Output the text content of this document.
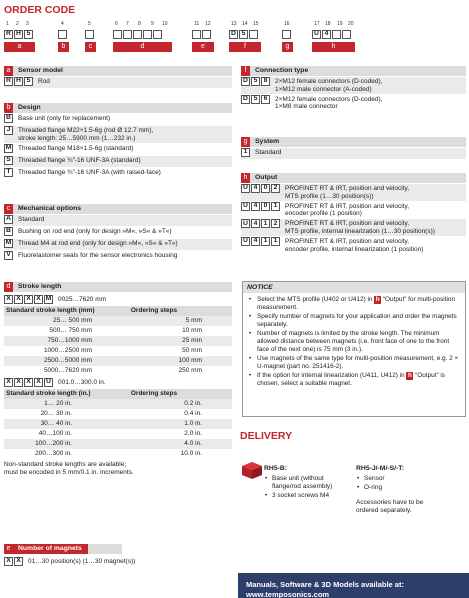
ORDER CODE
1 2 3	4	5	6 7 8 9 10	11 12	13 14 15	16	17 18 19 20
R H 5	D 5	U 4
a	b	c	d	e	f	g	h
a	Sensor model
R H 5	Rod
b	Design
B	Base unit (only for replacement)
J	Threaded flange M22×1.5-6g (rod Ø 12.7 mm),
stroke length: 25…5900 mm (1…232 in.)
M Threaded flange M18×1.5-6g (standard)
S	Threaded flange ¾"-16 UNF-3A (standard)
T	Threaded flange ¾"-16 UNF-3A (with raised-face)
c	Mechanical options
A	Standard
B	Bushing on rod end (only for design »M«, »S« & »T«)
M Thread M4 at rod end (only for design »M«, »S« & »T«)
V	Fluorelastomer seals for the sensor electronics housing
d	Stroke length
X X X X M 0025…7620 mm
Standard stroke length (mm)	Ordering steps
25… 500 mm	5 mm
500… 750 mm	10 mm
750…1000 mm	25 mm
1000…2500 mm	50 mm
2500…5000 mm	100 mm
5000…7620 mm	250 mm
X X X X U	001.0…300.0 in.
Standard stroke length (in.)	Ordering steps
1… 20 in.	0.2 in.
20… 30 in.	0.4 in.
30… 40 in.	1.0 in.
40…100 in.	2.0 in.
100…200 in.	4.0 in.
200…300 in.	10.0 in.
Non-standard stroke lengths are available;
must be encoded in 5 mm/0.1 in. increments.
e	Number of magnets
X X	01…30 position(s) (1…30 magnet(s))
f	Connection type
D 5 8	2×M12 female connectors (D-coded),
1×M12 male connector (A-coded)
D 5 6	2×M12 female connectors (D-coded),
1×M8 male connector
g	System
1	Standard
h	Output
U 4 0 2	PROFINET RT & IRT, position and velocity,
MTS profile (1…30 position(s))
U 4 0 1	PROFINET RT & IRT, position and velocity,
encoder profile (1 position)
U 4 1 2	PROFINET RT & IRT, position and velocity,
MTS profile, internal linearization (1…30 position(s))
U 4 1 1	PROFINET RT & IRT, position and velocity,
encoder profile, internal linearization (1 position)
NOTICE
• Select the MTS profile (U402 or U412) in h “Output” for multi-position measurement.
• Specify number of magnets for your application and order the magnets separately.
• Number of magnets is limited by the stroke length. The minimum allowed distance between magnets (i.e. front face of one to the front face of the next one) is 75 mm (3 in.).
• Use magnets of the same type for multi-position measurement, e.g. 2 × U-magnet (part no. 251416-2).
• If the option for internal linearization (U411, U412) in h “Output” is chosen, select a suitable magnet.
DELIVERY
RH5-B:
• Base unit (without flange/rod assembly)
• 3 socket screws M4
RH5-J/-M/-S/-T:
• Sensor
• O-ring
Accessories have to be ordered separately.
Manuals, Software & 3D Models available at:
www.temposonics.com
